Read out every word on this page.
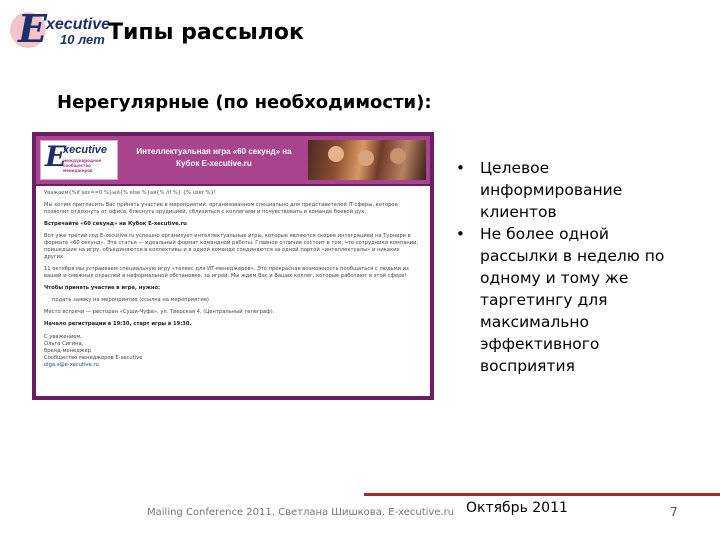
E xecutive
10 лет Типы рассылок
Нерегулярные (по необходимости):
E
xecutive
международное сообщество менеджеров
Интеллектуальная игра «60 секунд» на Кубок E-xecutive.ru
Уважаем{%if sex==0 %}ый{% else %}ая{% /if %} {% user %}!
Мы хотим пригласить Вас принять участие в мероприятии, организованном специально для представителей IT-сферы, которое позволит отдохнуть от офиса, блеснуть эрудицией, сблизиться с коллегами и почувствовать в команде боевой дух.
Встречайте «60 секунд» на Кубок E-xecutive.ru
Вот уже третий год E-xecutive.ru успешно организует интеллектуальные игры, которые являются скорее интеграцией на Турнире в формате «60 секунд». Эта статья — идеальный формат командной работы. Главное отличие состоит в том, что сотрудники компании, пришедшие на игру, объединяются в коллективы и в одной команде соединяются за одной партой «интеллектуалы» и никаких других.
11 октября мы устраиваем специальную игру «телекс для ИТ-менеджеров». Это прекрасная возможность пообщаться с людьми из вашей и смежных отраслей в неформальной обстановке, за игрой. Мы ждем Вас и Ваших коллег, которые работают в этой сфере!
Чтобы принять участие в игре, нужно:
подать заявку на мероприятие (ссылка на мероприятие)
Место встречи — ресторан «Суши-Чуфа», ул. Тверская 4, (Центральный телеграф).
Начало регистрации в 19:30, старт игры в 19:30.
С уважением,
Ольга Сигина,
бренд-менеджер
Сообщество менеджеров E-xecutive
olga.s@e-xecutive.ru
• Целевое информирование клиентов
• Не более одной рассылки в неделю по одному и тому же таргетингу для максимально эффективного восприятия
Mailing Conference 2011. Светлана Шишкова. E-xecutive.ru Октябрь 2011	7
